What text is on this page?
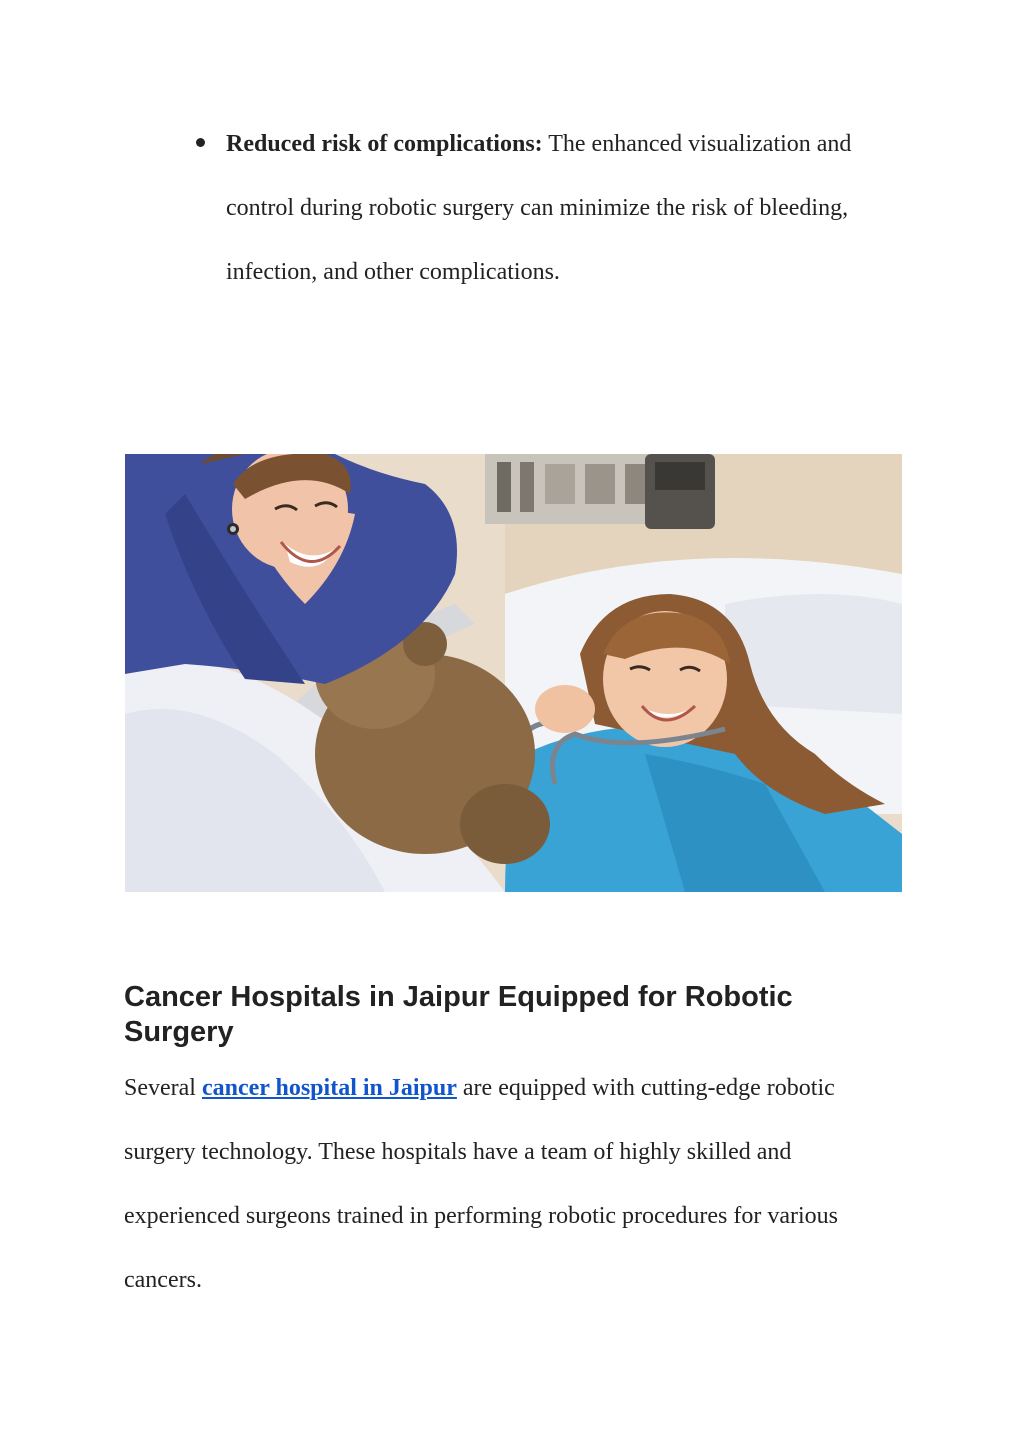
Reduced risk of complications: The enhanced visualization and control during robotic surgery can minimize the risk of bleeding, infection, and other complications.
Cancer Hospitals in Jaipur Equipped for Robotic Surgery

Several cancer hospital in Jaipur are equipped with cutting-edge robotic surgery technology. These hospitals have a team of highly skilled and experienced surgeons trained in performing robotic procedures for various cancers.
